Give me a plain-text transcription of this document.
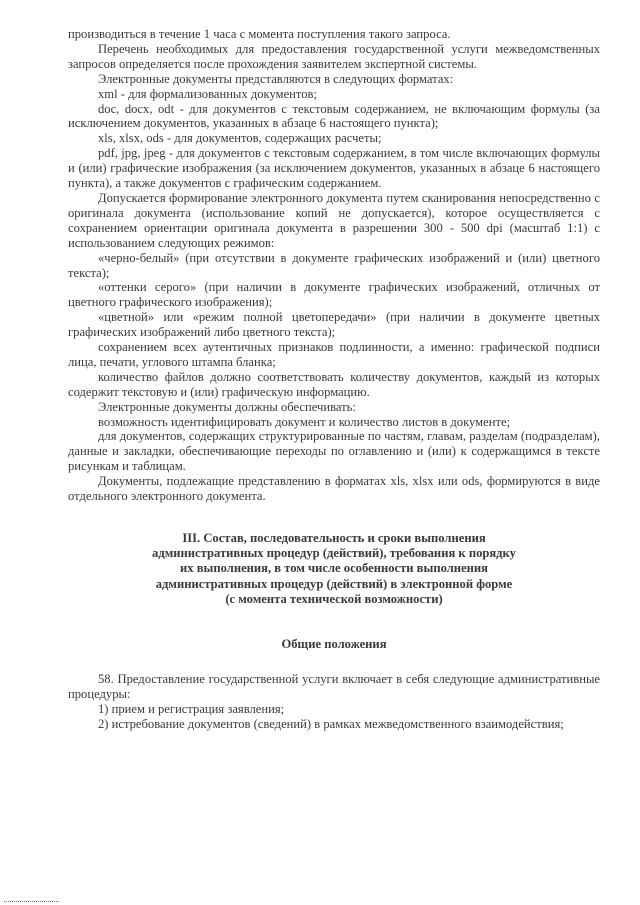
производиться в течение 1 часа с момента поступления такого запроса.

Перечень необходимых для предоставления государственной услуги межведомственных запросов определяется после прохождения заявителем экспертной системы.

Электронные документы представляются в следующих форматах:

xml - для формализованных документов;

doc, docx, odt - для документов с текстовым содержанием, не включающим формулы (за исключением документов, указанных в абзаце 6 настоящего пункта);

xls, xlsx, ods - для документов, содержащих расчеты;

pdf, jpg, jpeg - для документов с текстовым содержанием, в том числе включающих формулы и (или) графические изображения (за исключением документов, указанных в абзаце 6 настоящего пункта), а также документов с графическим содержанием.

Допускается формирование электронного документа путем сканирования непосредственно с оригинала документа (использование копий не допускается), которое осуществляется с сохранением ориентации оригинала документа в разрешении 300 - 500 dpi (масштаб 1:1) с использованием следующих режимов:

«черно-белый» (при отсутствии в документе графических изображений и (или) цветного текста);

«оттенки серого» (при наличии в документе графических изображений, отличных от цветного графического изображения);

«цветной» или «режим полной цветопередачи» (при наличии в документе цветных графических изображений либо цветного текста);

сохранением всех аутентичных признаков подлинности, а именно: графической подписи лица, печати, углового штампа бланка;

количество файлов должно соответствовать количеству документов, каждый из которых содержит текстовую и (или) графическую информацию.

Электронные документы должны обеспечивать:

возможность идентифицировать документ и количество листов в документе;

для документов, содержащих структурированные по частям, главам, разделам (подразделам), данные и закладки, обеспечивающие переходы по оглавлению и (или) к содержащимся в тексте рисункам и таблицам.

Документы, подлежащие представлению в форматах xls, xlsx или ods, формируются в виде отдельного электронного документа.

III. Состав, последовательность и сроки выполнения
административных процедур (действий), требования к порядку
их выполнения, в том числе особенности выполнения
административных процедур (действий) в электронной форме
(с момента технической возможности)
Общие положения

58. Предоставление государственной услуги включает в себя следующие административные процедуры:

1) прием и регистрация заявления;

2) истребование документов (сведений) в рамках межведомственного взаимодействия;
